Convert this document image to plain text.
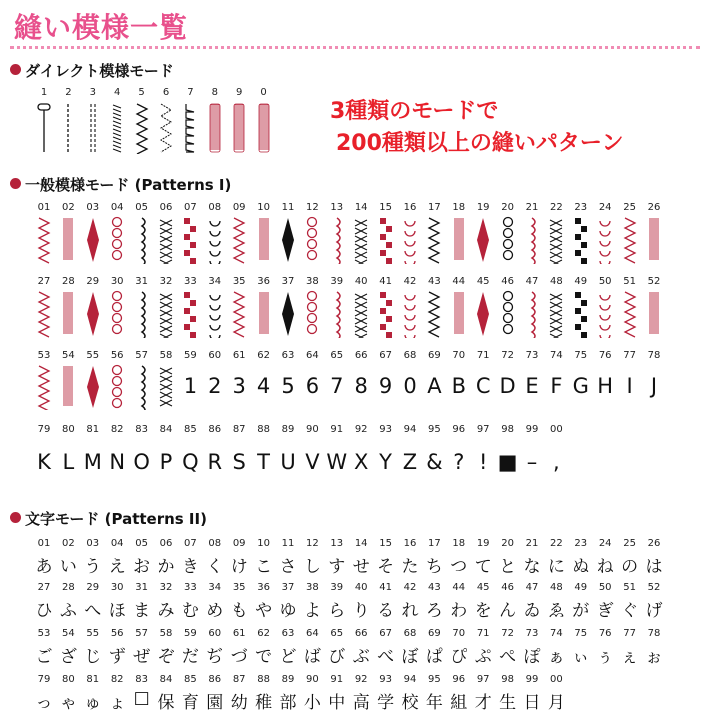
縫い模様一覧
ダイレクト模様モード
1 2 3 4 5 6 7 8 9 0
3種類のモードで
200種類以上の縫いパターン
一般模様モード (Patterns I)
01 02 03 04 05 06 07 08 09 10 11 12 13 14 15 16 17 18 19 20 21 22 23 24 25 26
27 28 29 30 31 32 33 34 35 36 37 38 39 40 41 42 43 44 45 46 47 48 49 50 51 52
53 54 55 56 57 58 59 60 61 62 63 64 65 66 67 68 69 70 71 72 73 74 75 76 77 78
1 2 3 4 5 6 7 8 9 0 A B C D E F G H I J
79 80 81 82 83 84 85 86 87 88 89 90 91 92 93 94 95 96 97 98 99 00
K L M N O P Q R S T U V W X Y Z & ? ! ■ – ,
文字モード (Patterns II)
01 02 03 04 05 06 07 08 09 10 11 12 13 14 15 16 17 18 19 20 21 22 23 24 25 26
あ い う え お か き く け こ さ し す せ そ た ち つ て と な に ぬ ね の は
27 28 29 30 31 32 33 34 35 36 37 38 39 40 41 42 43 44 45 46 47 48 49 50 51 52
ひ ふ へ ほ ま み む め も や ゆ よ ら り る れ ろ わ を ん ゐ ゑ が ぎ ぐ げ
53 54 55 56 57 58 59 60 61 62 63 64 65 66 67 68 69 70 71 72 73 74 75 76 77 78
ご ざ じ ず ぜ ぞ だ ぢ づ で ど ば び ぶ べ ぼ ぱ ぴ ぷ ぺ ぽ ぁ ぃ ぅ ぇ ぉ
79 80 81 82 83 84 85 86 87 88 89 90 91 92 93 94 95 96 97 98 99 00
っ ゃ ゅ ょ □ 保 育 園 幼 稚 部 小 中 高 学 校 年 組 才 生 日 月
